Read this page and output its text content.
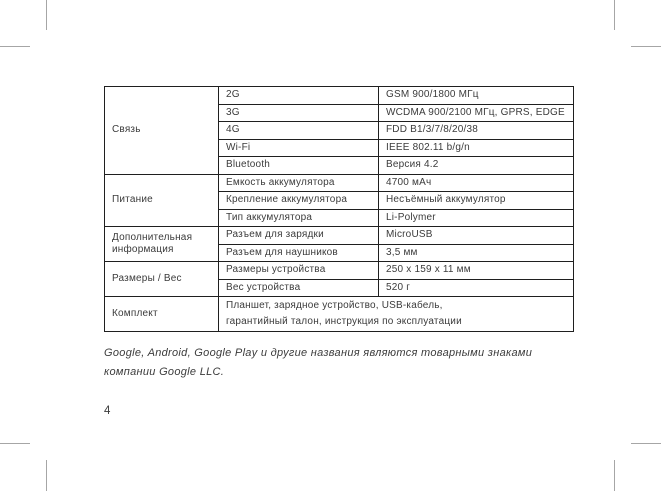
Связь	2G	GSM 900/1800 МГц
	3G	WCDMA 900/2100 МГц, GPRS, EDGE
	4G	FDD B1/3/7/8/20/38
	Wi-Fi	IEEE 802.11 b/g/n
	Bluetooth	Версия 4.2
Питание	Емкость аккумулятора	4700 мАч
	Крепление аккумулятора	Несъёмный аккумулятор
	Тип аккумулятора	Li-Polymer
Дополнительная информация	Разъем для зарядки	MicroUSB
	Разъем для наушников	3,5 мм
Размеры / Вес	Размеры устройства	250 x 159 x 11 мм
	Вес устройства	520 г
Комплект	Планшет, зарядное устройство, USB-кабель,
гарантийный талон, инструкция по эксплуатации	
Google, Android, Google Play и другие названия являются товарными знаками
компании Google LLC.
4
